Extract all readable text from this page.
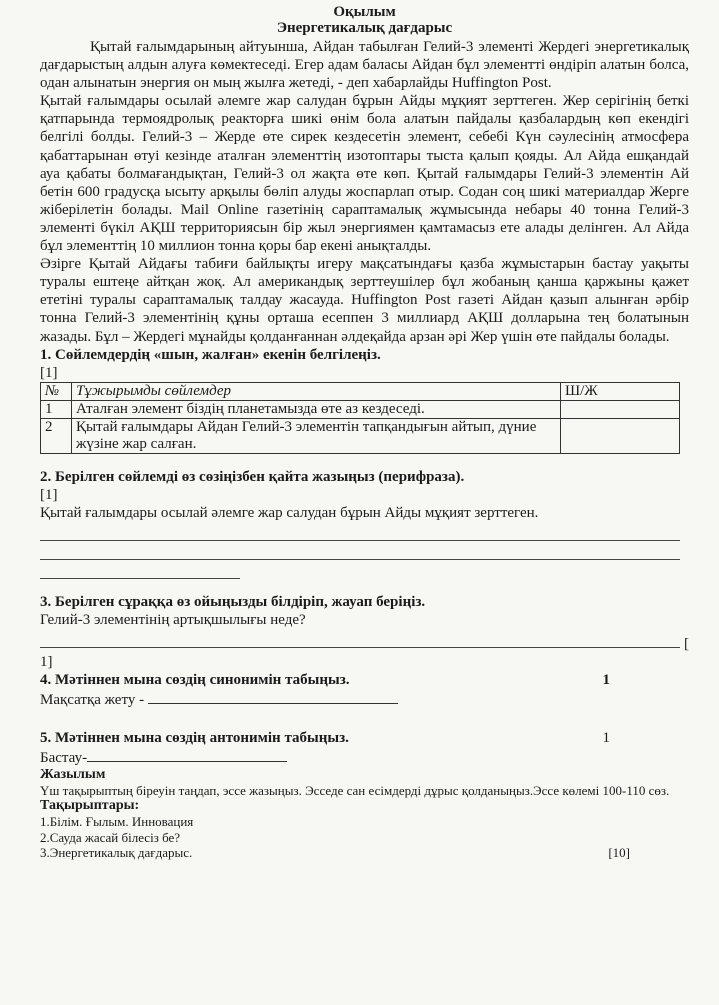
Оқылым

Энергетикалық дағдарыс

Қытай ғалымдарының айтуынша, Айдан табылған Гелий-3 элементі Жердегі энергетикалық дағдарыстың алдын алуға көмектеседі. Егер адам баласы Айдан бұл элементті өндіріп алатын болса, одан алынатын энергия он мың жылға жетеді, - деп хабарлайды Huffington Post.

Қытай ғалымдары осылай әлемге жар салудан бұрын Айды мұқият зерттеген. Жер серігінің беткі қатпарында термоядролық реакторға шикі өнім бола алатын пайдалы қазбалардың көп екендігі белгілі болды. Гелий-3 – Жерде өте сирек кездесетін элемент, себебі Күн сәулесінің атмосфера қабаттарынан өтуі кезінде аталған элементтің изотоптары тыста қалып қояды. Ал Айда ешқандай ауа қабаты болмағандықтан, Гелий-3 ол жақта өте көп. Қытай ғалымдары Гелий-3 элементін Ай бетін 600 градусқа ысыту арқылы бөліп алуды жоспарлап отыр. Содан соң шикі материалдар Жерге жіберілетін болады. Mail Online газетінің сараптамалық жұмысында небары 40 тонна Гелий-3 элементі бүкіл АҚШ территориясын бір жыл энергиямен қамтамасыз ете алады делінген. Ал Айда бұл элементтің 10 миллион тонна қоры бар екені анықталды.

Әзірге Қытай Айдағы табиғи байлықты игеру мақсатындағы қазба жұмыстарын бастау уақыты туралы ештеңе айтқан жоқ. Ал американдық зерттеушілер бұл жобаның қанша қаржыны қажет ететіні туралы сараптамалық талдау жасауда. Huffington Post газеті Айдан қазып алынған әрбір тонна Гелий-3 элементінің құны орташа есеппен 3 миллиард АҚШ долларына тең болатынын жазады. Бұл – Жердегі мұнайды қолданғаннан әлдеқайда арзан әрі Жер үшін өте пайдалы болады.

1. Сөйлемдердің «шын, жалған» екенін белгілеңіз.

[1]

№	Тұжырымды сөйлемдер	Ш/Ж
1	Аталған элемент біздің планетамызда өте аз кездеседі.	
2	Қытай ғалымдары Айдан Гелий-3 элементін тапқандығын айтып, дүние жүзіне жар салған.	

2. Берілген сөйлемді өз сөзіңізбен қайта жазыңыз (перифраза).

[1]

Қытай ғалымдары осылай әлемге жар салудан бұрын Айды мұқият зерттеген.

3. Берілген сұраққа өз ойыңызды білдіріп, жауап беріңіз.

Гелий-3 элементінің артықшылығы неде?

[

1]

4. Мәтіннен мына сөздің синонимін табыңыз.	1

Мақсатқа жету -

5. Мәтіннен мына сөздің антонимін табыңыз.	1

Бастау-

Жазылым

Үш тақырыптың біреуін таңдап, эссе жазыңыз. Эсседе сан есімдерді дұрыс қолданыңыз.Эссе көлемі 100-110 сөз.

Тақырыптары:

1.Білім. Ғылым. Инновация

2.Сауда жасай білесіз бе?

3.Энергетикалық дағдарыс.	[10]
